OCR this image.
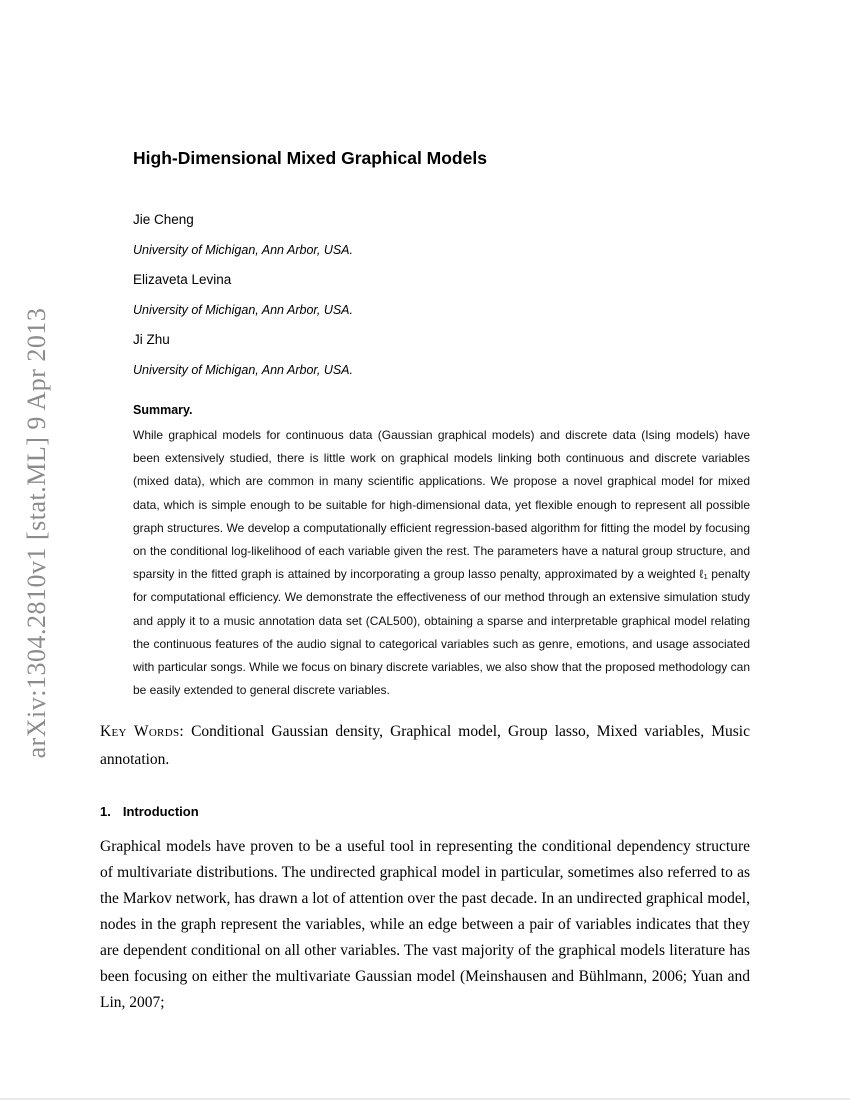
arXiv:1304.2810v1 [stat.ML] 9 Apr 2013
High-Dimensional Mixed Graphical Models
Jie Cheng
University of Michigan, Ann Arbor, USA.
Elizaveta Levina
University of Michigan, Ann Arbor, USA.
Ji Zhu
University of Michigan, Ann Arbor, USA.
Summary.

While graphical models for continuous data (Gaussian graphical models) and discrete data (Ising models) have been extensively studied, there is little work on graphical models linking both continuous and discrete variables (mixed data), which are common in many scientific applications. We propose a novel graphical model for mixed data, which is simple enough to be suitable for high-dimensional data, yet flexible enough to represent all possible graph structures. We develop a computationally efficient regression-based algorithm for fitting the model by focusing on the conditional log-likelihood of each variable given the rest. The parameters have a natural group structure, and sparsity in the fitted graph is attained by incorporating a group lasso penalty, approximated by a weighted ℓ₁ penalty for computational efficiency. We demonstrate the effectiveness of our method through an extensive simulation study and apply it to a music annotation data set (CAL500), obtaining a sparse and interpretable graphical model relating the continuous features of the audio signal to categorical variables such as genre, emotions, and usage associated with particular songs. While we focus on binary discrete variables, we also show that the proposed methodology can be easily extended to general discrete variables.

Key Words: Conditional Gaussian density, Graphical model, Group lasso, Mixed variables, Music annotation.

1. Introduction

Graphical models have proven to be a useful tool in representing the conditional dependency structure of multivariate distributions. The undirected graphical model in particular, sometimes also referred to as the Markov network, has drawn a lot of attention over the past decade. In an undirected graphical model, nodes in the graph represent the variables, while an edge between a pair of variables indicates that they are dependent conditional on all other variables. The vast majority of the graphical models literature has been focusing on either the multivariate Gaussian model (Meinshausen and Bühlmann, 2006; Yuan and Lin, 2007;
